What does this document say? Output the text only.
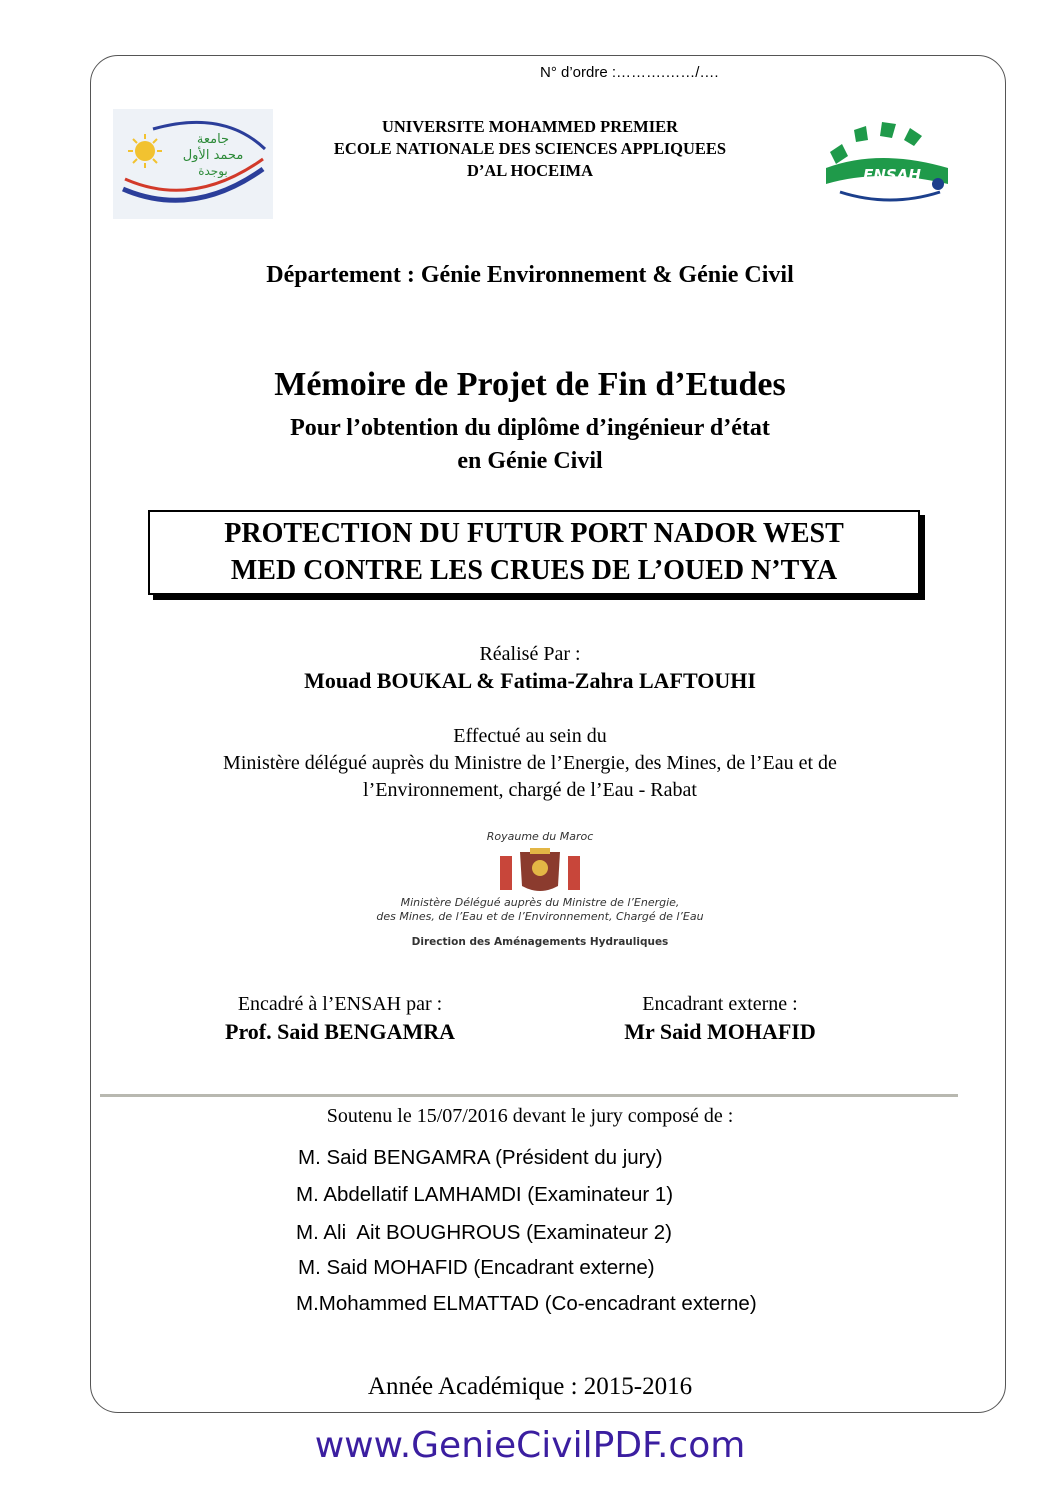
N° d’ordre :……….……/….
جامعة
محمد الأول
بوجدة
UNIVERSITE MOHAMMED PREMIER
ECOLE NATIONALE DES SCIENCES APPLIQUEES
D’AL HOCEIMA	ENSAH
Département : Génie Environnement & Génie Civil
Mémoire de Projet de Fin d’Etudes
Pour l’obtention du diplôme d’ingénieur d’état
en Génie Civil
PROTECTION DU FUTUR PORT NADOR WEST
MED CONTRE LES CRUES DE L’OUED N’TYA
Réalisé Par :
Mouad BOUKAL & Fatima-Zahra LAFTOUHI
Effectué au sein du
Ministère délégué auprès du Ministre de l’Energie, des Mines, de l’Eau et de
l’Environnement, chargé de l’Eau - Rabat
Royaume du Maroc
Ministère Délégué auprès du Ministre de l’Energie,
des Mines, de l’Eau et de l’Environnement, Chargé de l’Eau
Direction des Aménagements Hydrauliques
Encadré à l’ENSAH par :
Prof. Said BENGAMRA
Encadrant externe :
Mr Said MOHAFID
Soutenu le 15/07/2016 devant le jury composé de :
M. Said BENGAMRA (Président du jury)
M. Abdellatif LAMHAMDI (Examinateur 1)
M. Ali  Ait BOUGHROUS (Examinateur 2)
M. Said MOHAFID (Encadrant externe)
M.Mohammed ELMATTAD (Co-encadrant externe)
Année Académique : 2015-2016
www.GenieCivilPDF.com
